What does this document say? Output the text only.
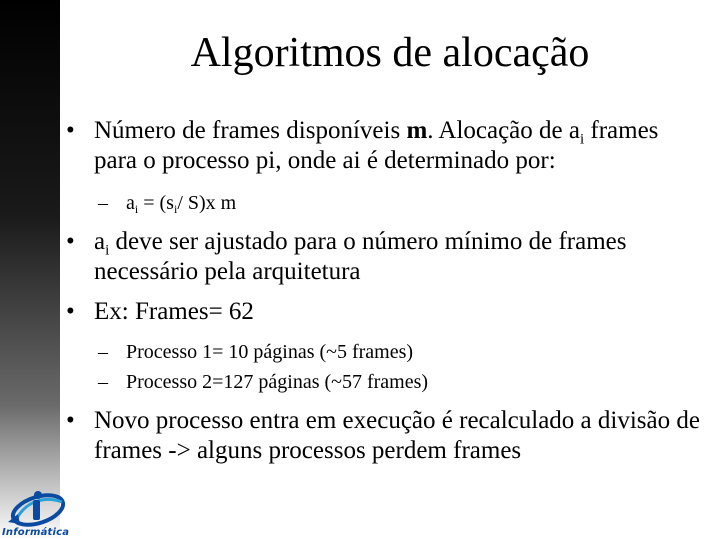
Algoritmos de alocação
• Número de frames disponíveis m. Alocação de $a_i$ frames para o processo pi, onde ai é determinado por:
– $a_i = (s_i/$ S)x m
• $a_i$ deve ser ajustado para o número mínimo de frames necessário pela arquitetura
• Ex: Frames= 62
– Processo 1= 10 páginas (~5 frames)
– Processo 2=127 páginas (~57 frames)
• Novo processo entra em execução é recalculado a divisão de frames -> alguns processos perdem frames
Informática
